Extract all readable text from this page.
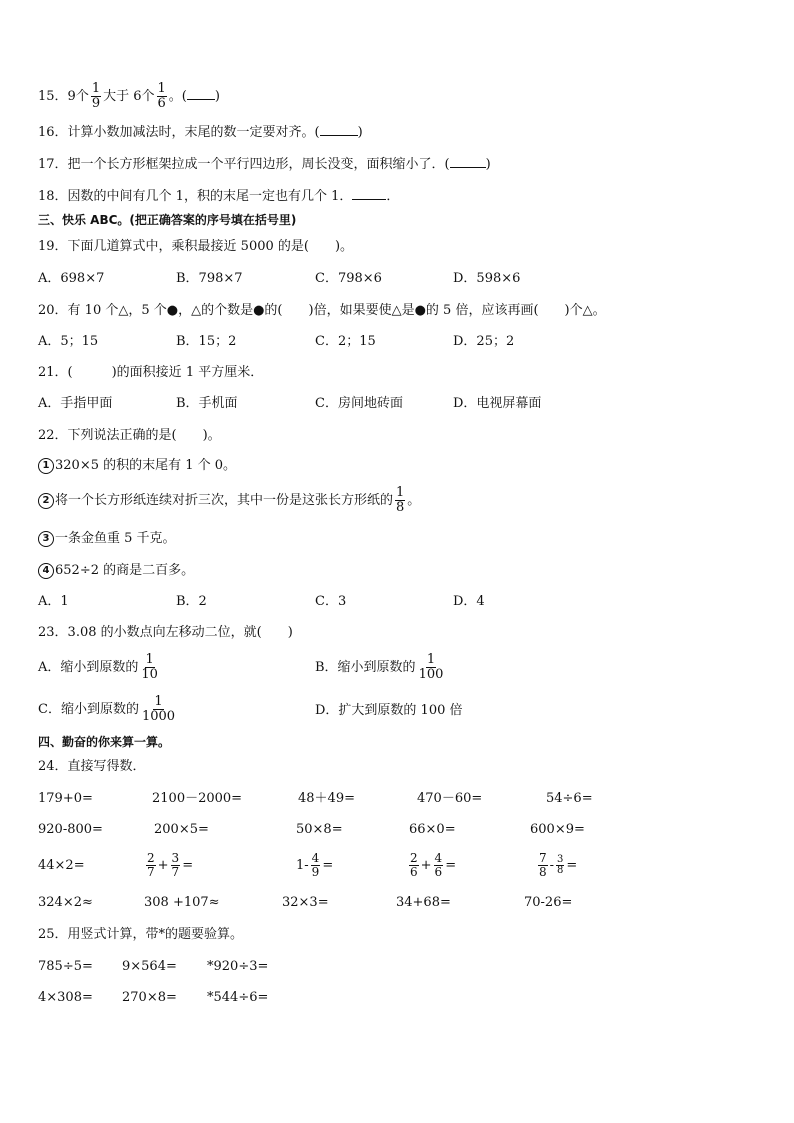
15．9个 $\frac{1}{9}$ 大于 6个 $\frac{1}{6}$ 。( )
16．计算小数加减法时，末尾的数一定要对齐。(	)
17．把一个长方形框架拉成一个平行四边形，周长没变，面积缩小了．(	)
18．因数的中间有几个 1，积的末尾一定也有几个 1．	．
三、快乐 ABC。(把正确答案的序号填在括号里)
19．下面几道算式中，乘积最接近 5000 的是(　　)。
A．698×7	B．798×7	C．798×6	D．598×6
20．有 10 个△，5 个●，△的个数是●的(　　)倍，如果要使△是●的 5 倍，应该再画(　　)个△。
A．5；15	B．15；2	C．2；15	D．25；2
21．(　　　)的面积接近 1 平方厘米．
A．手指甲面	B．手机面	C．房间地砖面	D．电视屏幕面
22．下列说法正确的是(　　)。
1 320×5 的积的末尾有 1 个 0。
2 将一个长方形纸连续对折三次，其中一份是这张长方形纸的 $\frac{1}{8}$ 。
3 一条金鱼重 5 千克。
4 652÷2 的商是二百多。
A．1	B．2	C．3	D．4
23．3.08 的小数点向左移动二位，就(　　)
A．缩小到原数的 $\frac{1}{10}$	B．缩小到原数的 $\frac{1}{100}$
C．缩小到原数的 $\frac{1}{1000}$	D．扩大到原数的 100 倍
四、勤奋的你来算一算。
24．直接写得数．
179+0=	2100－2000=	48＋49=	470－60=	54÷6=
920-800=	200×5=	50×8=	66×0=	600×9=
44×2=	$\frac{2}{7} + \frac{3}{7}$ =	$1- \frac{4}{9}$ =	$\frac{2}{6} + \frac{4}{6}$ =	$\frac{7}{8} - \frac{3}{8}$ =
324×2≈	308 +107≈	32×3=	34+68=	70-26=
25．用竖式计算，带*的题要验算。
785÷5= 9×564= *920÷3=
4×308= 270×8= *544÷6=
